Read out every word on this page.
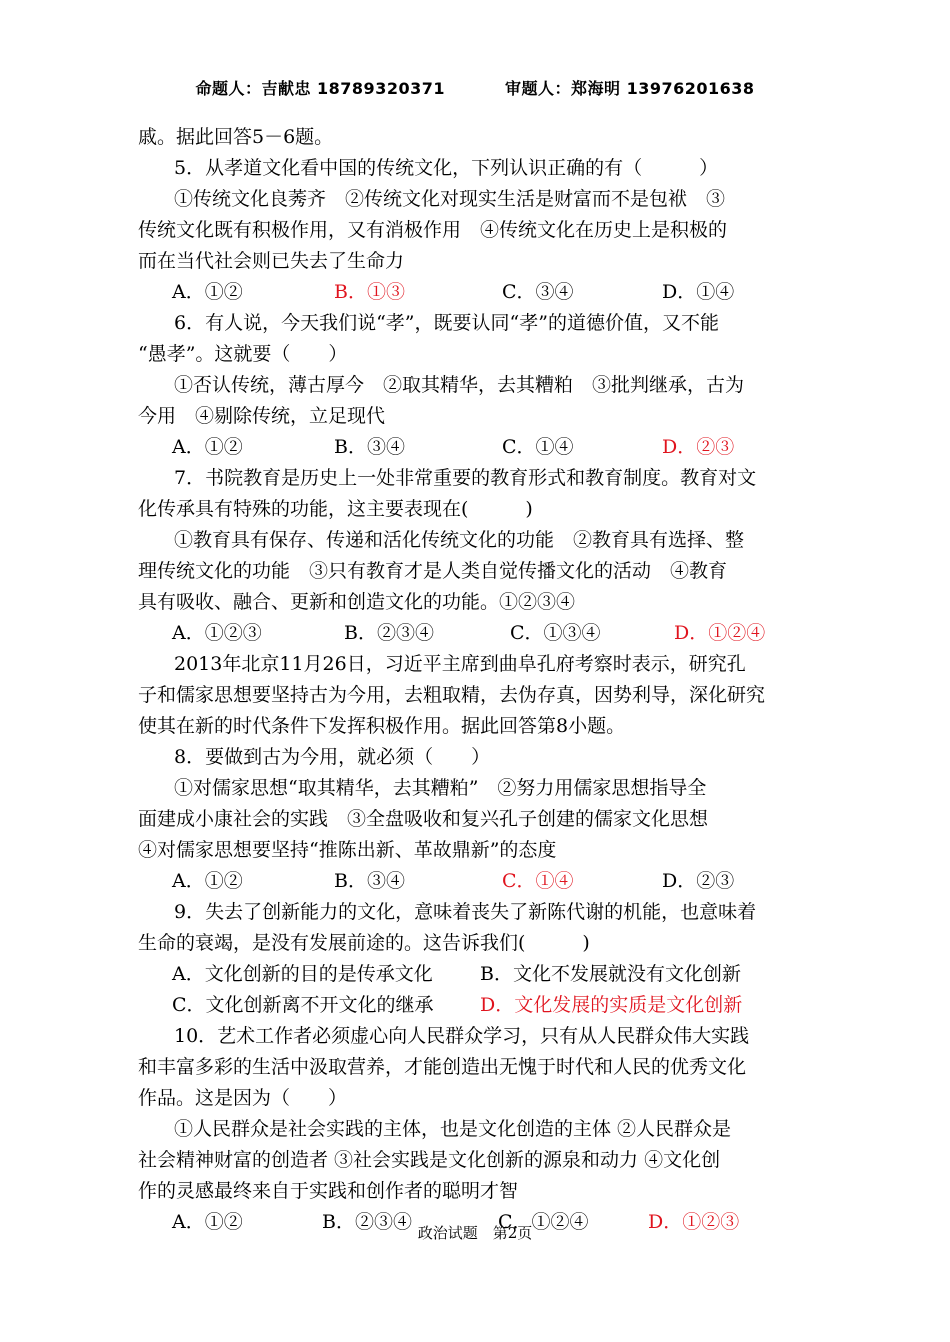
命题人：吉献忠 18789320371	审题人：郑海明 13976201638
戚。据此回答5－6题。
5．从孝道文化看中国的传统文化，下列认识正确的有（　　　）
①传统文化良莠齐　②传统文化对现实生活是财富而不是包袱　③
传统文化既有积极作用，又有消极作用　④传统文化在历史上是积极的
而在当代社会则已失去了生命力
A．①②	B．①③	C．③④	D．①④
6．有人说，今天我们说“孝”，既要认同“孝”的道德价值，又不能
“愚孝”。这就要（　　）
①否认传统，薄古厚今　②取其精华，去其糟粕　③批判继承，古为
今用　④剔除传统，立足现代
A．①②	B．③④	C．①④	D．②③
7．书院教育是历史上一处非常重要的教育形式和教育制度。教育对文
化传承具有特殊的功能，这主要表现在(　　　)
①教育具有保存、传递和活化传统文化的功能　②教育具有选择、整
理传统文化的功能　③只有教育才是人类自觉传播文化的活动　④教育
具有吸收、融合、更新和创造文化的功能。①②③④
A．①②③	B．②③④	C．①③④	D．①②④
2013年北京11月26日，习近平主席到曲阜孔府考察时表示，研究孔
子和儒家思想要坚持古为今用，去粗取精，去伪存真，因势利导，深化研究
使其在新的时代条件下发挥积极作用。据此回答第8小题。
8．要做到古为今用，就必须（　　）
①对儒家思想“取其精华，去其糟粕”　②努力用儒家思想指导全
面建成小康社会的实践　③全盘吸收和复兴孔子创建的儒家文化思想
④对儒家思想要坚持“推陈出新、革故鼎新”的态度
A．①②	B．③④	C．①④	D．②③
9．失去了创新能力的文化，意味着丧失了新陈代谢的机能，也意味着
生命的衰竭，是没有发展前途的。这告诉我们(　　　)
A．文化创新的目的是传承文化 B．文化不发展就没有文化创新
C．文化创新离不开文化的继承 D．文化发展的实质是文化创新
10．艺术工作者必须虚心向人民群众学习，只有从人民群众伟大实践
和丰富多彩的生活中汲取营养，才能创造出无愧于时代和人民的优秀文化
作品。这是因为（　　）
①人民群众是社会实践的主体，也是文化创造的主体 ②人民群众是
社会精神财富的创造者 ③社会实践是文化创新的源泉和动力 ④文化创
作的灵感最终来自于实践和创作者的聪明才智
A．①②	B．②③④	C．①②④	D．①②③
政治试题　第2页
